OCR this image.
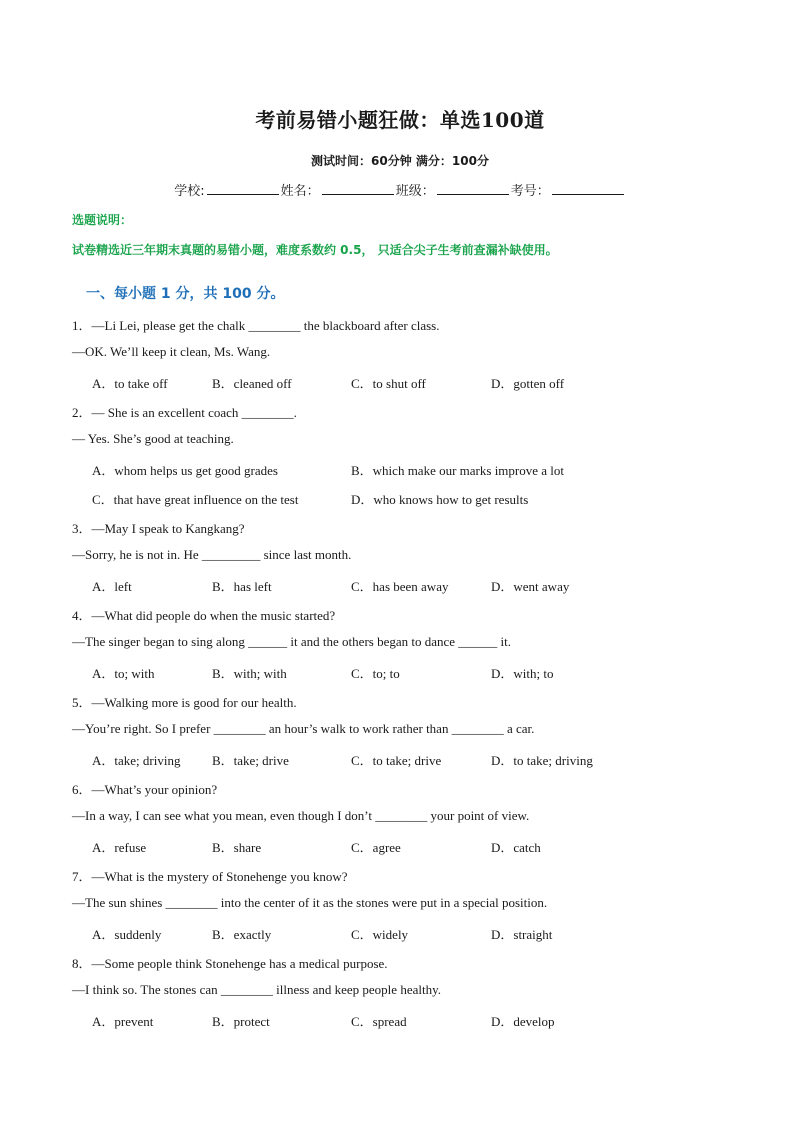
考前易错小题狂做：单选100道
测试时间：60分钟 满分：100分
学校:	姓名：	班级：	考号：
选题说明：
试卷精选近三年期末真题的易错小题，难度系数约 0.5， 只适合尖子生考前查漏补缺使用。
一、每小题 1 分，共 100 分。
1．—Li Lei, please get the chalk ________ the blackboard after class.
—OK. We’ll keep it clean, Ms. Wang.
A．to take off	B．cleaned off	C．to shut off	D．gotten off
2．— She is an excellent coach ________.
— Yes. She’s good at teaching.
A．whom helps us get good grades	B．which make our marks improve a lot
C．that have great influence on the test	D．who knows how to get results
3．—May I speak to Kangkang?
—Sorry, he is not in. He _________ since last month.
A．left	B．has left	C．has been away	D．went away
4．—What did people do when the music started?
—The singer began to sing along ______ it and the others began to dance ______ it.
A．to; with	B．with; with	C．to; to	D．with; to
5．—Walking more is good for our health.
—You’re right. So I prefer ________ an hour’s walk to work rather than ________ a car.
A．take; driving B．take; drive	C．to take; drive	D．to take; driving
6．—What’s your opinion?
—In a way, I can see what you mean, even though I don’t ________ your point of view.
A．refuse	B．share	C．agree	D．catch
7．—What is the mystery of Stonehenge you know?
—The sun shines ________ into the center of it as the stones were put in a special position.
A．suddenly	B．exactly	C．widely	D．straight
8．—Some people think Stonehenge has a medical purpose.
—I think so. The stones can ________ illness and keep people healthy.
A．prevent	B．protect	C．spread	D．develop
